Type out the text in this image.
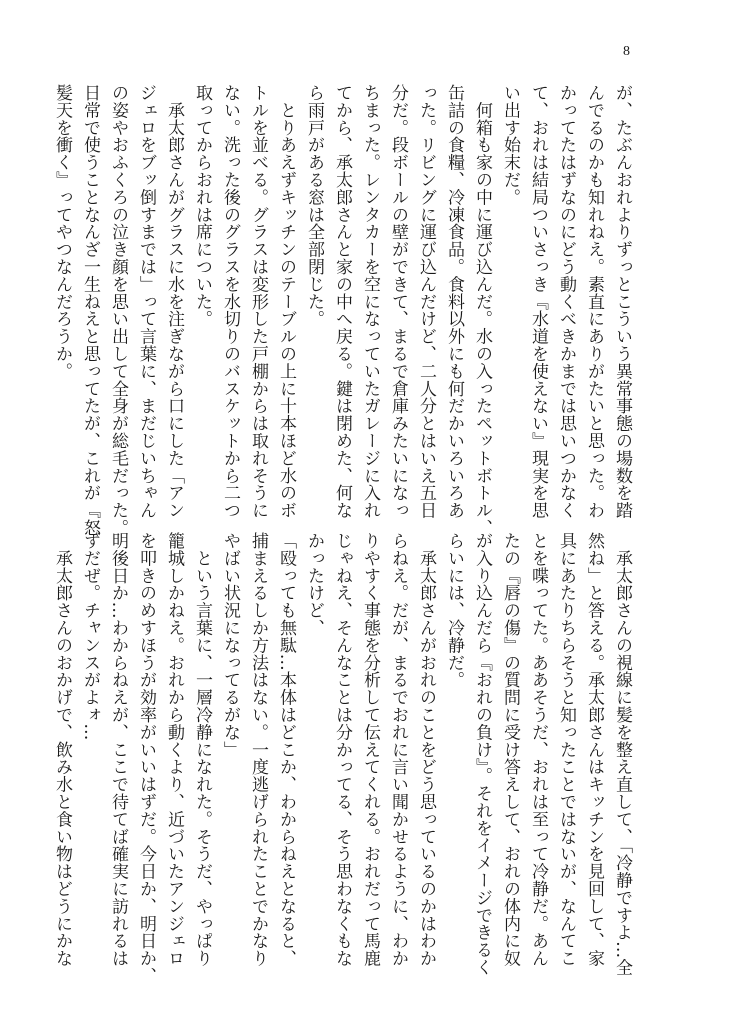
8
が、たぶんおれよりずっとこういう異常事態の場数を踏
んでるのかも知れねえ。素直にありがたいと思った。わ
かってたはずなのにどう動くべきかまでは思いつかなく
て、おれは結局ついさっき『水道を使えない』現実を思
い出す始末だ。
　何箱も家の中に運び込んだ。水の入ったペットボトル、
缶詰の食糧、冷凍食品。食料以外にも何だかいろいろあ
った。リビングに運び込んだけど、二人分とはいえ五日
分だ。段ボールの壁ができて、まるで倉庫みたいになっ
ちまった。レンタカーを空になっていたガレージに入れ
てから、承太郎さんと家の中へ戻る。鍵は閉めた、何な
ら雨戸がある窓は全部閉じた。
　とりあえずキッチンのテーブルの上に十本ほど水のボ
トルを並べる。グラスは変形した戸棚からは取れそうに
ない。洗った後のグラスを水切りのバスケットから二つ
取ってからおれは席についた。
　承太郎さんがグラスに水を注ぎながら口にした「アン
ジェロをブッ倒すまでは」って言葉に、まだじいちゃん
の姿やおふくろの泣き顔を思い出して全身が総毛だった。
日常で使うことなんざ一生ねえと思ってたが、これが『怒
髪天を衝く』ってやつなんだろうか。
　承太郎さんの視線に髪を整え直して、「冷静ですよ…全
然ね」と答える。承太郎さんはキッチンを見回して、家
具にあたりちらそうと知ったことではないが、なんてこ
とを喋ってた。ああそうだ、おれは至って冷静だ。あん
たの『唇の傷』の質問に受け答えして、おれの体内に奴
が入り込んだら『おれの負け』。それをイメージできるく
らいには、冷静だ。
　承太郎さんがおれのことをどう思っているのかはわか
らねえ。だが、まるでおれに言い聞かせるように、わか
りやすく事態を分析して伝えてくれる。おれだって馬鹿
じゃねえ、そんなことは分かってる、そう思わなくもな
かったけど、
「殴っても無駄…本体はどこか、わからねえとなると、
捕まえるしか方法はない。一度逃げられたことでかなり
やばい状況になってるがな」
　という言葉に、一層冷静になれた。そうだ、やっぱり
籠城しかねえ。おれから動くより、近づいたアンジェロ
を叩きのめすほうが効率がいいはずだ。今日か、明日か、
明後日か…わからねえが、ここで待てば確実に訪れるは
ずだぜ。チャンスがよォ…
　承太郎さんのおかげで、飲み水と食い物はどうにかな
